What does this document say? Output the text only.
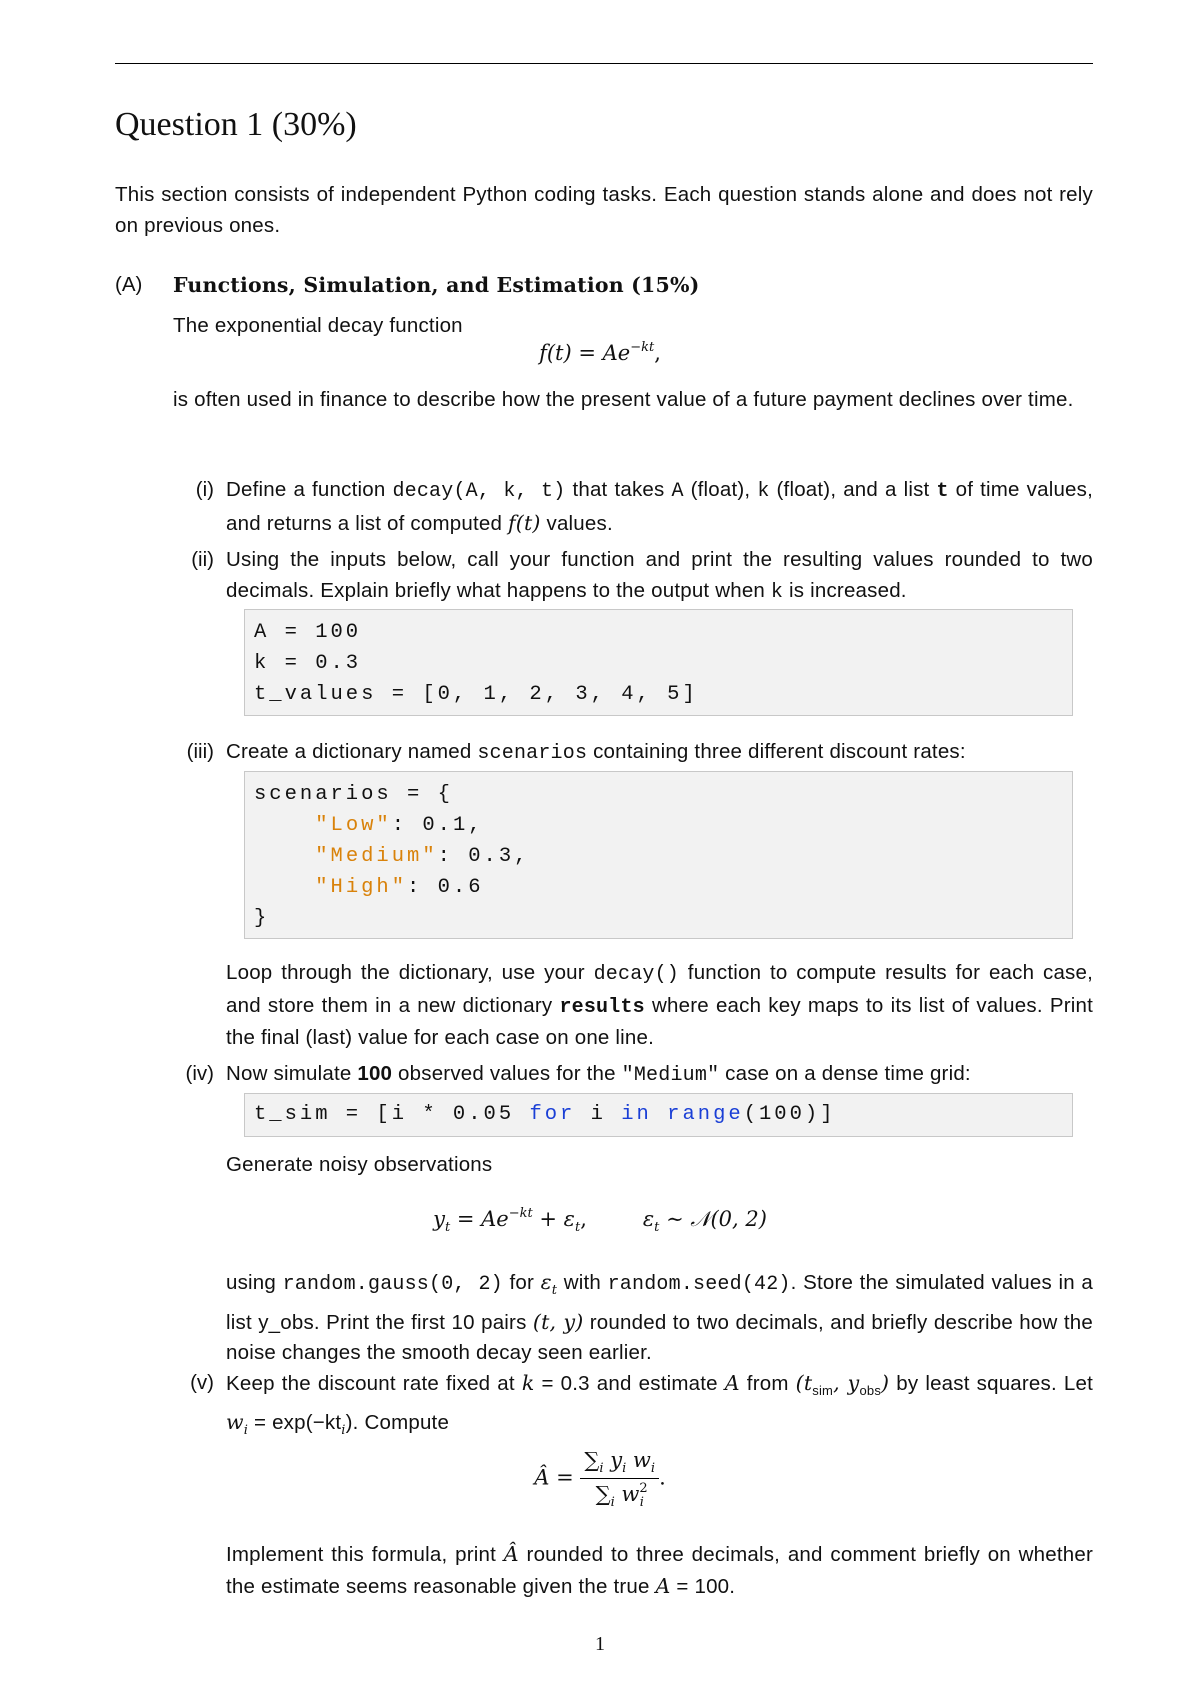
Question 1 (30%)
This section consists of independent Python coding tasks. Each question stands alone and does not rely on previous ones.
(A) Functions, Simulation, and Estimation (15%)
The exponential decay function
$f(t) = Ae^{-kt}$,
is often used in finance to describe how the present value of a future payment declines over time.
(i) Define a function decay(A, k, t) that takes A (float), k (float), and a list t of time values, and returns a list of computed f(t) values.
(ii) Using the inputs below, call your function and print the resulting values rounded to two decimals. Explain briefly what happens to the output when k is increased.
A = 100
k = 0.3
t_values = [0, 1, 2, 3, 4, 5]
(iii) Create a dictionary named scenarios containing three different discount rates:
scenarios = {
"Low": 0.1,
"Medium": 0.3,
"High": 0.6
}
Loop through the dictionary, use your decay() function to compute results for each case, and store them in a new dictionary results where each key maps to its list of values. Print the final (last) value for each case on one line.
(iv) Now simulate 100 observed values for the "Medium" case on a dense time grid:
t_sim = [i * 0.05 for i in range(100)]
Generate noisy observations
$y_t = Ae^{-kt} + \varepsilon_t$,	$\varepsilon_t$ ∼ 𝒩(0, 2)
using random.gauss(0, 2) for $\varepsilon_t$ with random.seed(42). Store the simulated values in a list y_obs. Print the first 10 pairs (t, y) rounded to two decimals, and briefly describe how the noise changes the smooth decay seen earlier.
(v) Keep the discount rate fixed at k = 0.3 and estimate A from ($t_{sim}$, $y_{obs}$) by least squares. Let $w_i = \exp(-kt_i)$. Compute
Â = $\frac{\sum_i y_i w_i}{\sum_i w^2_i}$ .
Implement this formula, print Â rounded to three decimals, and comment briefly on whether the estimate seems reasonable given the true A = 100.
1
